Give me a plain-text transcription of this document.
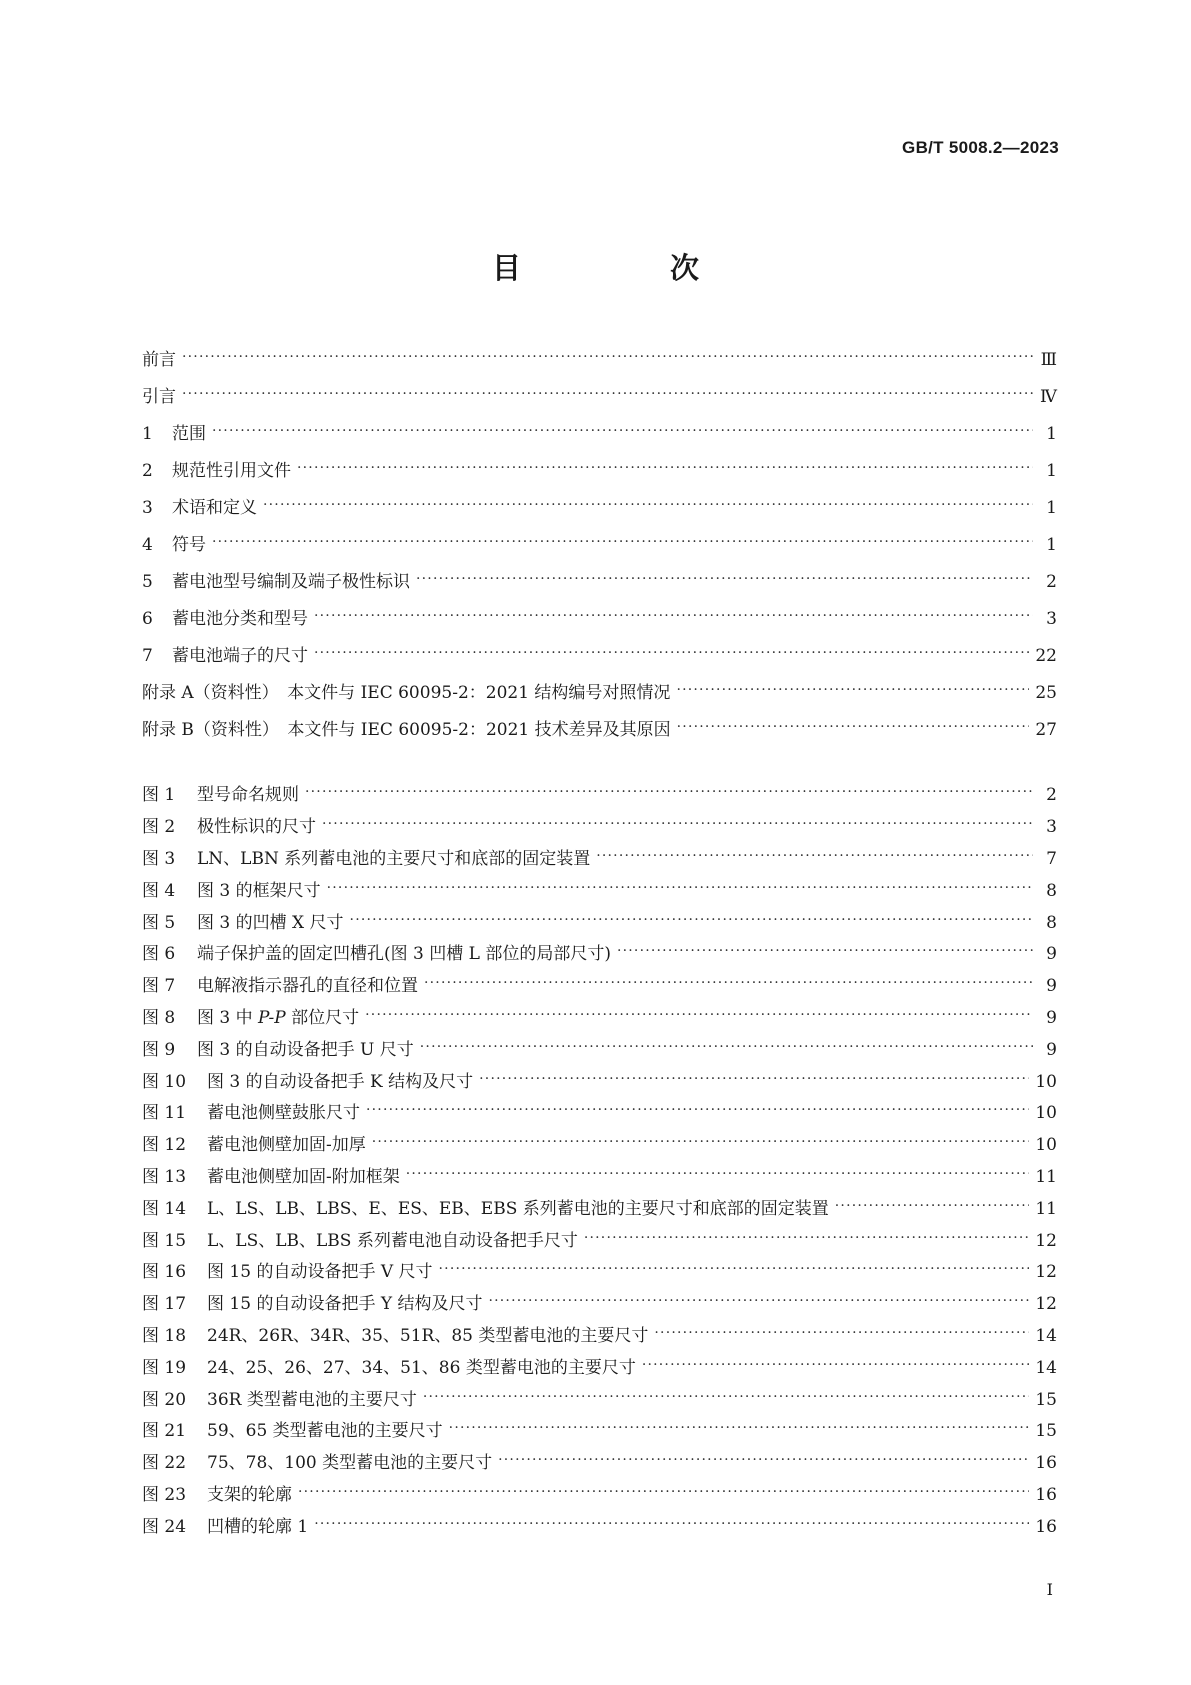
GB/T 5008.2—2023
目　次
前言 ·····	Ⅲ
引言 ·····	Ⅳ
1	范围 ·····	1
2	规范性引用文件 ·····	1
3	术语和定义 ·····	1
4	符号 ·····	1
5	蓄电池型号编制及端子极性标识 ·····	2
6	蓄电池分类和型号 ·····	3
7	蓄电池端子的尺寸 ·····	22
附录 A（资料性）　本文件与 IEC 60095-2：2021 结构编号对照情况 ·····	25
附录 B（资料性）　本文件与 IEC 60095-2：2021 技术差异及其原因 ·····	27
图 1	型号命名规则 ·····	2
图 2	极性标识的尺寸 ·····	3
图 3	LN、LBN 系列蓄电池的主要尺寸和底部的固定装置 ·····	7
图 4	图 3 的框架尺寸 ·····	8
图 5	图 3 的凹槽 X 尺寸 ·····	8
图 6	端子保护盖的固定凹槽孔(图 3 凹槽 L 部位的局部尺寸) ·····	9
图 7	电解液指示器孔的直径和位置 ·····	9
图 8	图 3 中 P-P 部位尺寸 ·····	9
图 9	图 3 的自动设备把手 U 尺寸 ·····	9
图 10	图 3 的自动设备把手 K 结构及尺寸 ·····	10
图 11	蓄电池侧壁鼓胀尺寸 ·····	10
图 12	蓄电池侧壁加固-加厚 ·····	10
图 13	蓄电池侧壁加固-附加框架 ·····	11
图 14	L、LS、LB、LBS、E、ES、EB、EBS 系列蓄电池的主要尺寸和底部的固定装置 ·····	11
图 15	L、LS、LB、LBS 系列蓄电池自动设备把手尺寸 ·····	12
图 16	图 15 的自动设备把手 V 尺寸 ·····	12
图 17	图 15 的自动设备把手 Y 结构及尺寸 ·····	12
图 18	24R、26R、34R、35、51R、85 类型蓄电池的主要尺寸 ·····	14
图 19	24、25、26、27、34、51、86 类型蓄电池的主要尺寸 ·····	14
图 20	36R 类型蓄电池的主要尺寸 ·····	15
图 21	59、65 类型蓄电池的主要尺寸 ·····	15
图 22	75、78、100 类型蓄电池的主要尺寸 ·····	16
图 23	支架的轮廓 ·····	16
图 24	凹槽的轮廓 1 ·····	16
Ⅰ
